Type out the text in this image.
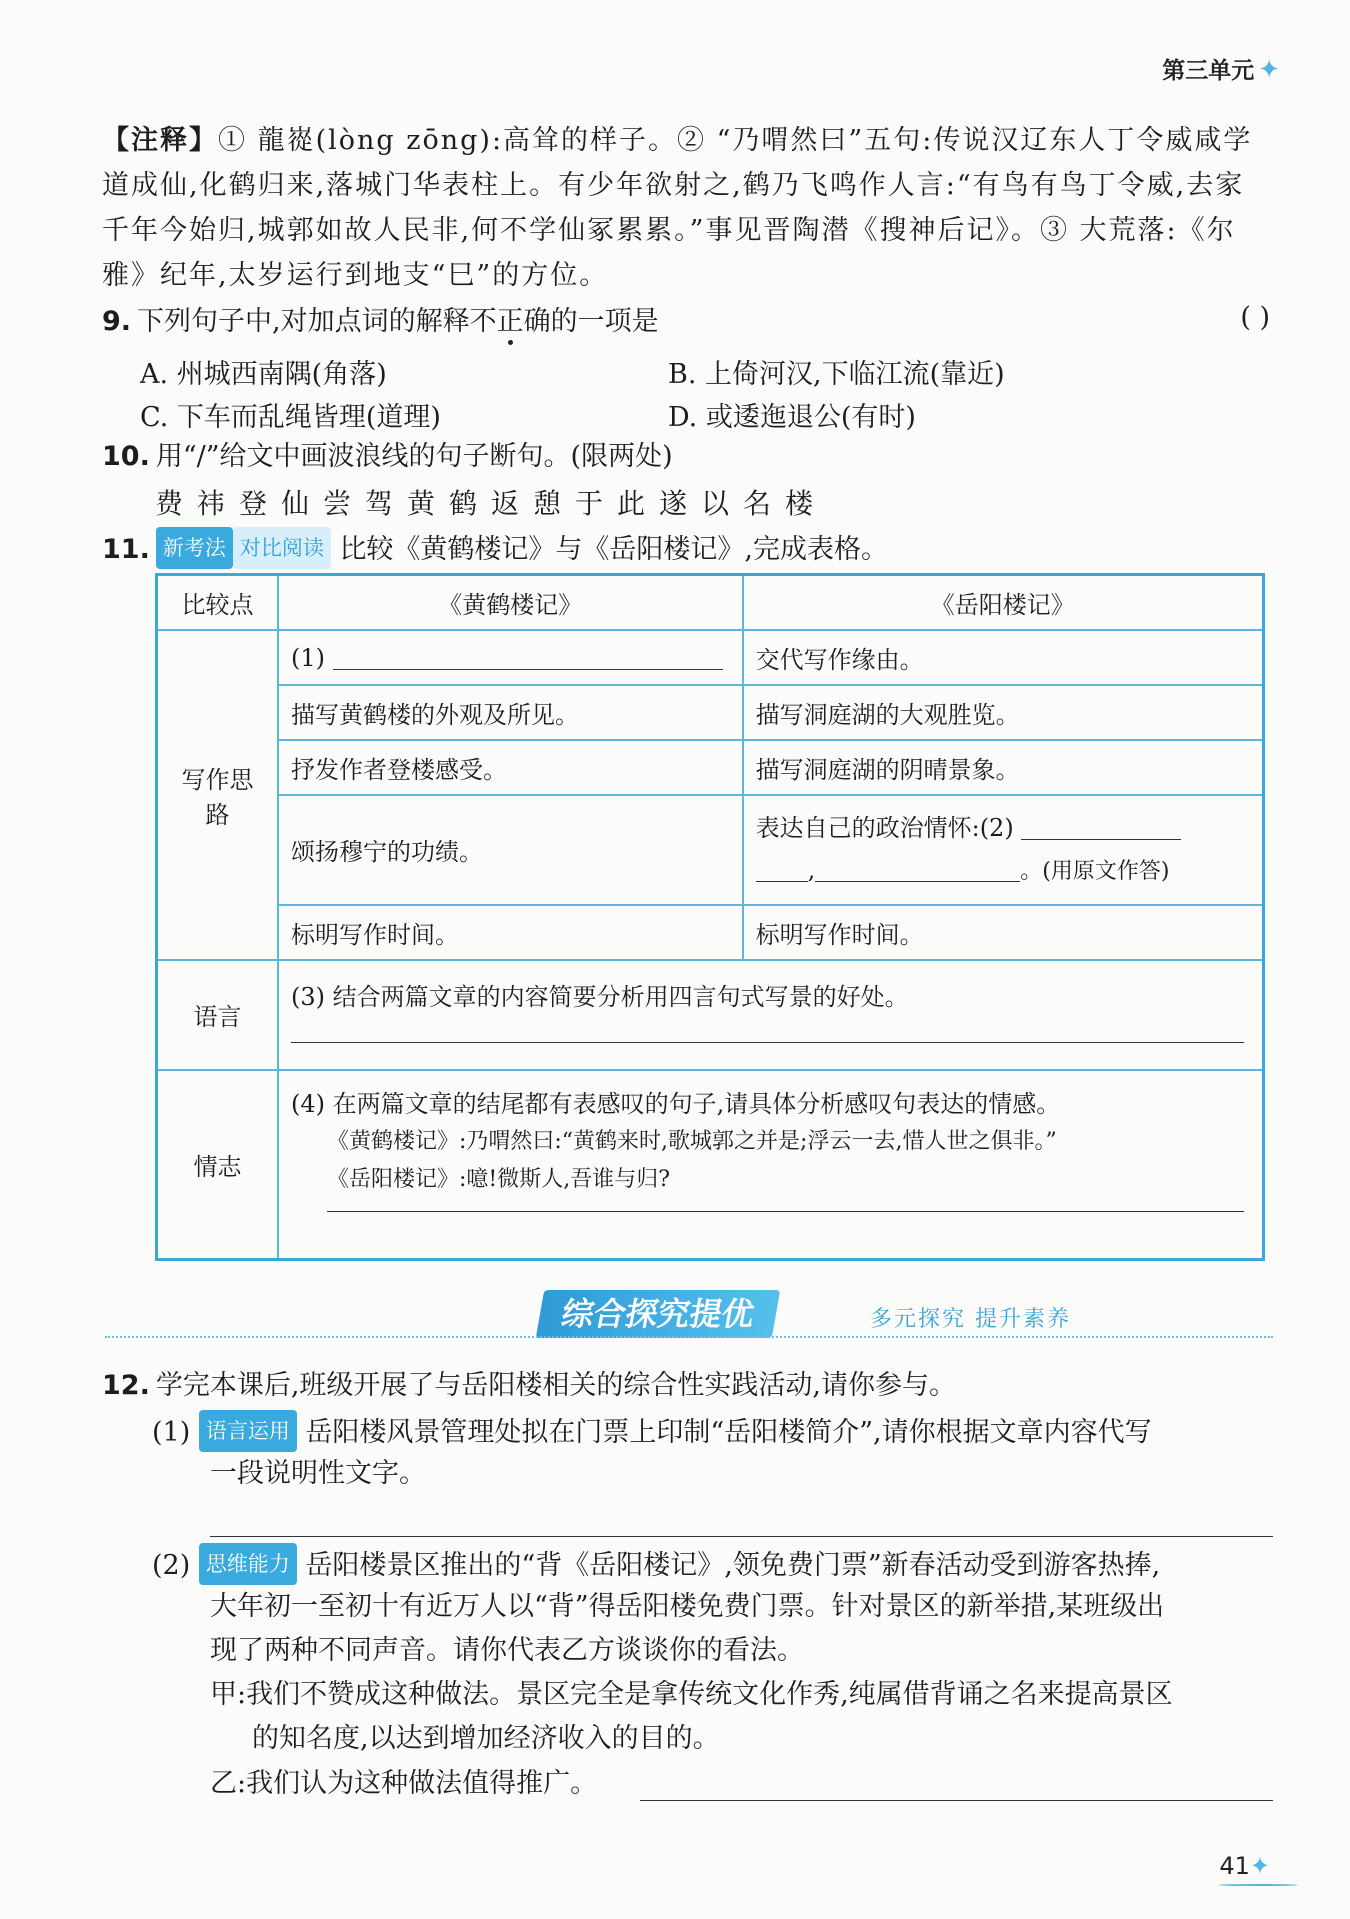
第三单元 ✦
【注释】① 龍嵸(lòng zōng):高耸的样子。② “乃喟然曰”五句:传说汉辽东人丁令威咸学道成仙,化鹤归来,落城门华表柱上。有少年欲射之,鹤乃飞鸣作人言:“有鸟有鸟丁令威,去家千年今始归,城郭如故人民非,何不学仙冢累累。”事见晋陶潜《搜神后记》。③ 大荒落:《尔雅》纪年,太岁运行到地支“巳”的方位。
9. 下列句子中,对加点词的解释不正确的一项是	( )
A. 州城西南隅(角落)	B. 上倚河汉,下临江流(靠近)
C. 下车而乱绳皆理(道理)	D. 或逶迤退公(有时)
10. 用“/”给文中画波浪线的句子断句。(限两处)
费祎登仙尝驾黄鹤返憩于此遂以名楼
11. 新考法 对比阅读 比较《黄鹤楼记》与《岳阳楼记》,完成表格。
比较点	《黄鹤楼记》	《岳阳楼记》
写作思路	(1)	交代写作缘由。
	描写黄鹤楼的外观及所见。	描写洞庭湖的大观胜览。
	抒发作者登楼感受。	描写洞庭湖的阴晴景象。
	颂扬穆宁的功绩。	表达自己的政治情怀:(2)
, 。(用原文作答)

	标明写作时间。	标明写作时间。
语言	(3) 结合两篇文章的内容简要分析用四言句式写景的好处。	

情志	(4) 在两篇文章的结尾都有表感叹的句子,请具体分析感叹句表达的情感。
《黄鹤楼记》:乃喟然曰:“黄鹤来时,歌城郭之并是;浮云一去,惜人世之俱非。”
《岳阳楼记》:噫!微斯人,吾谁与归?	
综合探究提优	多元探究 提升素养
12. 学完本课后,班级开展了与岳阳楼相关的综合性实践活动,请你参与。
(1) 语言运用 岳阳楼风景管理处拟在门票上印制“岳阳楼简介”,请你根据文章内容代写
一段说明性文字。
(2) 思维能力 岳阳楼景区推出的“背《岳阳楼记》,领免费门票”新春活动受到游客热捧,
大年初一至初十有近万人以“背”得岳阳楼免费门票。针对景区的新举措,某班级出
现了两种不同声音。请你代表乙方谈谈你的看法。
甲:我们不赞成这种做法。景区完全是拿传统文化作秀,纯属借背诵之名来提高景区
的知名度,以达到增加经济收入的目的。
乙:我们认为这种做法值得推广。
41✦
